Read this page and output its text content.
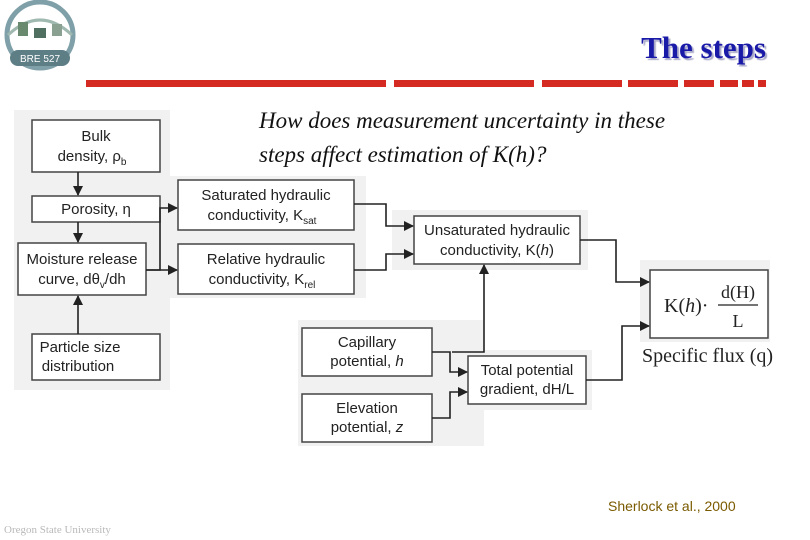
BRE 527	The steps
How does measurement uncertainty in these
steps affect estimation of K(h)?
Bulk
density, $\rho_b$
Porosity, η
Moisture release
curve, $d\theta_v/dh$
Particle size
distribution
Saturated hydraulic
conductivity, $K_{sat}$
Relative hydraulic
conductivity, $K_{rel}$
Unsaturated hydraulic
conductivity, K(h)
Capillary
potential, h
Elevation
potential, z
Total potential
gradient, dH/L
K(h)·
d(H)
L
Specific flux (q)
Sherlock et al., 2000
Oregon State University
